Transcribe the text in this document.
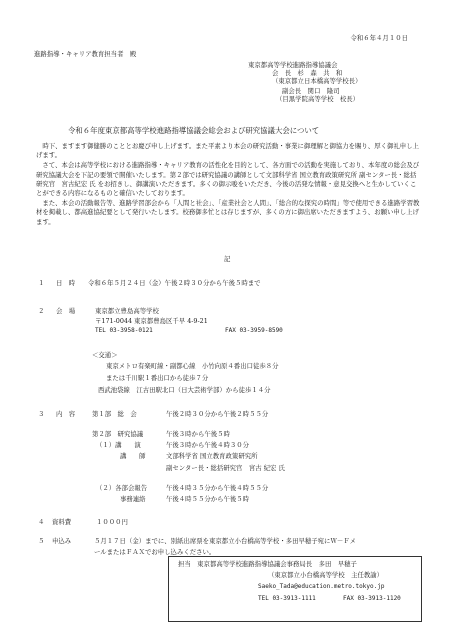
令和６年４月１０日
進路指導・キャリア教育担当者　殿
東京都高等学校進路指導協議会
会　長　杉　森　共　和
（東京都立日本橋高等学校長）
副会長　関口　隆司
（目黒学院高等学校　校長）
令和６年度東京都高等学校進路指導協議会総会および研究協議大会について
　時下、ますます御健勝のこととお慶び申し上げます。また平素より本会の研究活動・事業に御理解と御協力を賜り、厚く御礼申し上げます。
　さて、本会は高等学校における進路指導・キャリア教育の活性化を目的として、各方面での活動を実施しており、本年度の総会及び研究協議大会を下記の要領で開催いたします。第２部では研究協議の講師として文部科学省 国立教育政策研究所 副センター長・総括研究官　宮古紀宏 氏 をお招きし、御講演いただきます。多くの御示唆をいただき、今後の活発な情報・意見交換へと生かしていくことができる内容になるものと確信いたしております。
　また、本会の活動報告等、進路学習部会から「人間と社会」、「産業社会と人間」、「総合的な探究の時間」等で使用できる進路学習教材を掲載し、都高進協紀要として発行いたします。校務御多忙とは存じますが、多くの方に御出席いただきますよう、お願い申し上げます。
記
１ 日　時 令和６年５月２４日（金）午後２時３０分から午後５時まで
２ 会　場	東京都立豊島高等学校
〒171-0044 東京都豊島区千早 4-9-21
TEL 03-3958-0121	FAX 03-3959-8590
＜交通＞
東京メトロ有楽町線・副都心線　小竹向原４番出口徒歩８分
または千川駅１番出口から徒歩７分
西武池袋線　江古田駅北口（日大芸術学部）から徒歩１４分
３ 内　容	第１部　総　会	午後２時３０分から午後２時５５分
第２部　研究協議	午後３時から午後５時
（１）講　　演	午後３時から午後４時３０分
講　　師	文部科学省 国立教育政策研究所
副センター長・総括研究官　宮古 紀宏 氏
（２）各部会報告	午後４時３５分から午後４時５５分
事務連絡	午後４時５５分から午後５時
４ 資料費	１０００円
５ 申込み	５月１７日（金）までに、別紙出席票を東京都立小台橋高等学校・多田早穂子宛にＷ－Ｆメ
ールまたはＦＡＸでお申し込みください。
担当　東京都高等学校進路指導協議会事務局長　多田　早穂子
（東京都立小台橋高等学校　主任教諭）
Saeko_Tada@education.metro.tokyo.jp
TEL 03-3913-1111	FAX 03-3913-1120
